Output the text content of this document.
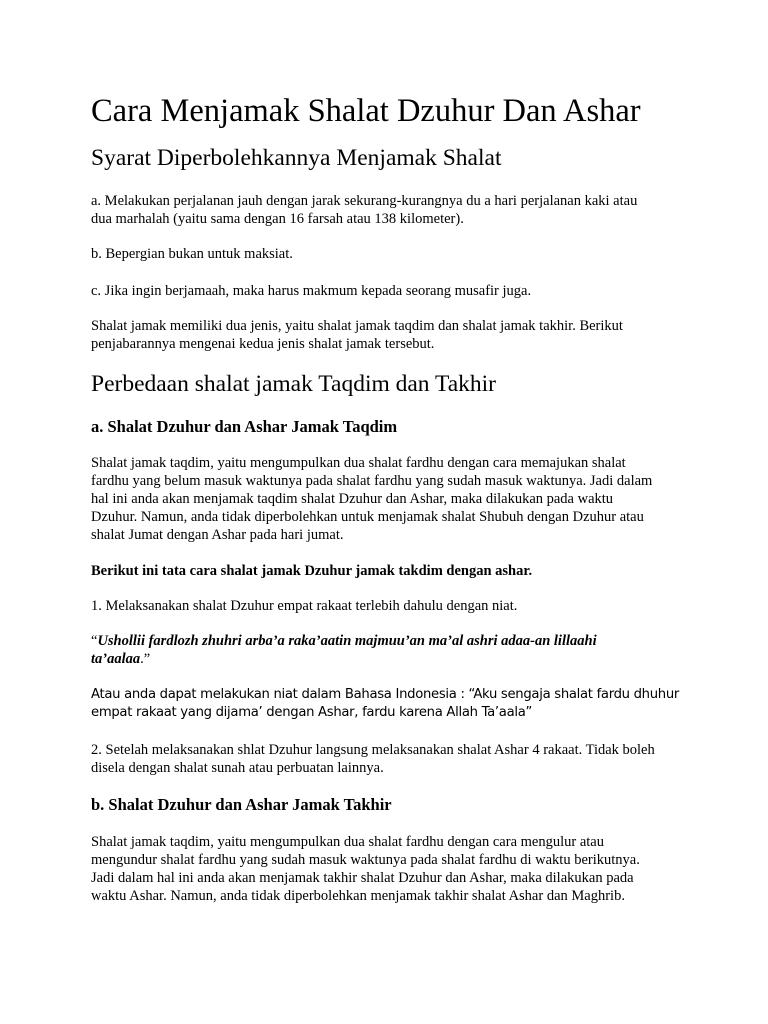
Cara Menjamak Shalat Dzuhur Dan Ashar
Syarat Diperbolehkannya Menjamak Shalat

a. Melakukan perjalanan jauh dengan jarak sekurang-kurangnya du a hari perjalanan kaki atau
dua marhalah (yaitu sama dengan 16 farsah atau 138 kilometer).

b. Bepergian bukan untuk maksiat.

c. Jika ingin berjamaah, maka harus makmum kepada seorang musafir juga.

Shalat jamak memiliki dua jenis, yaitu shalat jamak taqdim dan shalat jamak takhir. Berikut
penjabarannya mengenai kedua jenis shalat jamak tersebut.

Perbedaan shalat jamak Taqdim dan Takhir
a. Shalat Dzuhur dan Ashar Jamak Taqdim

Shalat jamak taqdim, yaitu mengumpulkan dua shalat fardhu dengan cara memajukan shalat
fardhu yang belum masuk waktunya pada shalat fardhu yang sudah masuk waktunya. Jadi dalam
hal ini anda akan menjamak taqdim shalat Dzuhur dan Ashar, maka dilakukan pada waktu
Dzuhur. Namun, anda tidak diperbolehkan untuk menjamak shalat Shubuh dengan Dzuhur atau
shalat Jumat dengan Ashar pada hari jumat.

Berikut ini tata cara shalat jamak Dzuhur jamak takdim dengan ashar.

1. Melaksanakan shalat Dzuhur empat rakaat terlebih dahulu dengan niat.

“Ushollii fardlozh zhuhri arba’a raka’aatin majmuu’an ma’al ashri adaa-an lillaahi
ta’aalaa.”

Atau anda dapat melakukan niat dalam Bahasa Indonesia : “Aku sengaja shalat fardu dhuhur
empat rakaat yang dijama’ dengan Ashar, fardu karena Allah Ta’aala”

2. Setelah melaksanakan shlat Dzuhur langsung melaksanakan shalat Ashar 4 rakaat. Tidak boleh
disela dengan shalat sunah atau perbuatan lainnya.

b. Shalat Dzuhur dan Ashar Jamak Takhir

Shalat jamak taqdim, yaitu mengumpulkan dua shalat fardhu dengan cara mengulur atau
mengundur shalat fardhu yang sudah masuk waktunya pada shalat fardhu di waktu berikutnya.
Jadi dalam hal ini anda akan menjamak takhir shalat Dzuhur dan Ashar, maka dilakukan pada
waktu Ashar. Namun, anda tidak diperbolehkan menjamak takhir shalat Ashar dan Maghrib.
